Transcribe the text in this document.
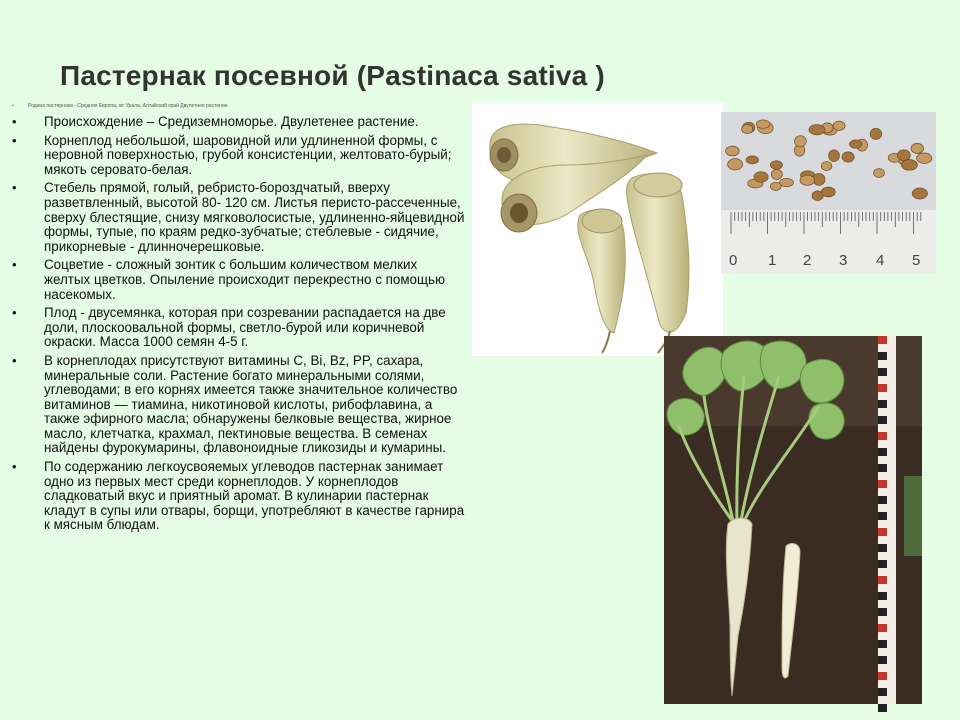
Пастернак посевной (Pastinaca sativa )
•	Родина пастернака - Средняя Европа, юг Урала, Алтайский край Двулетнее растение.
• Происхождение – Средиземноморье. Двулетенее растение.
• Корнеплод небольшой, шаровидной или удлиненной формы, с неровной поверхностью, грубой консистенции, желтовато-бурый; мякоть серовато-белая.
• Стебель прямой, голый, ребристо-бороздчатый, вверху разветвленный, высотой 80- 120 см. Листья перисто-рассеченные, сверху блестящие, снизу мягковолосистые, удлиненно-яйцевидной формы, тупые, по краям редко-зубчатые; стеблевые - сидячие, прикорневые - длинночерешковые.
• Соцветие - сложный зонтик с большим количеством мелких желтых цветков. Опыление происходит перекрестно с помощью насекомых.
• Плод - двусемянка, которая при созревании распадается на две доли, плоскоовальной формы, светло-бурой или коричневой окраски. Масса 1000 семян 4-5 г.
• В корнеплодах присутствуют витамины С, Bi, Bz, PP, сахара, минеральные соли. Растение богато минеральными солями, углеводами; в его корнях имеется также значительное количество витаминов — тиамина, никотиновой кислоты, рибофлавина, а также эфирного масла; обнаружены белковые вещества, жирное масло, клетчатка, крахмал, пектиновые вещества. В семенах найдены фурокумарины, флавоноидные гликозиды и кумарины.
• По содержанию легкоусвояемых углеводов пастернак занимает одно из первых мест среди корнеплодов. У корнеплодов сладковатый вкус и приятный аромат. В кулинарии пастернак кладут в супы или отвары, борщи, употребляют в качестве гарнира к мясным блюдам.
0 1 2 3 4 5
